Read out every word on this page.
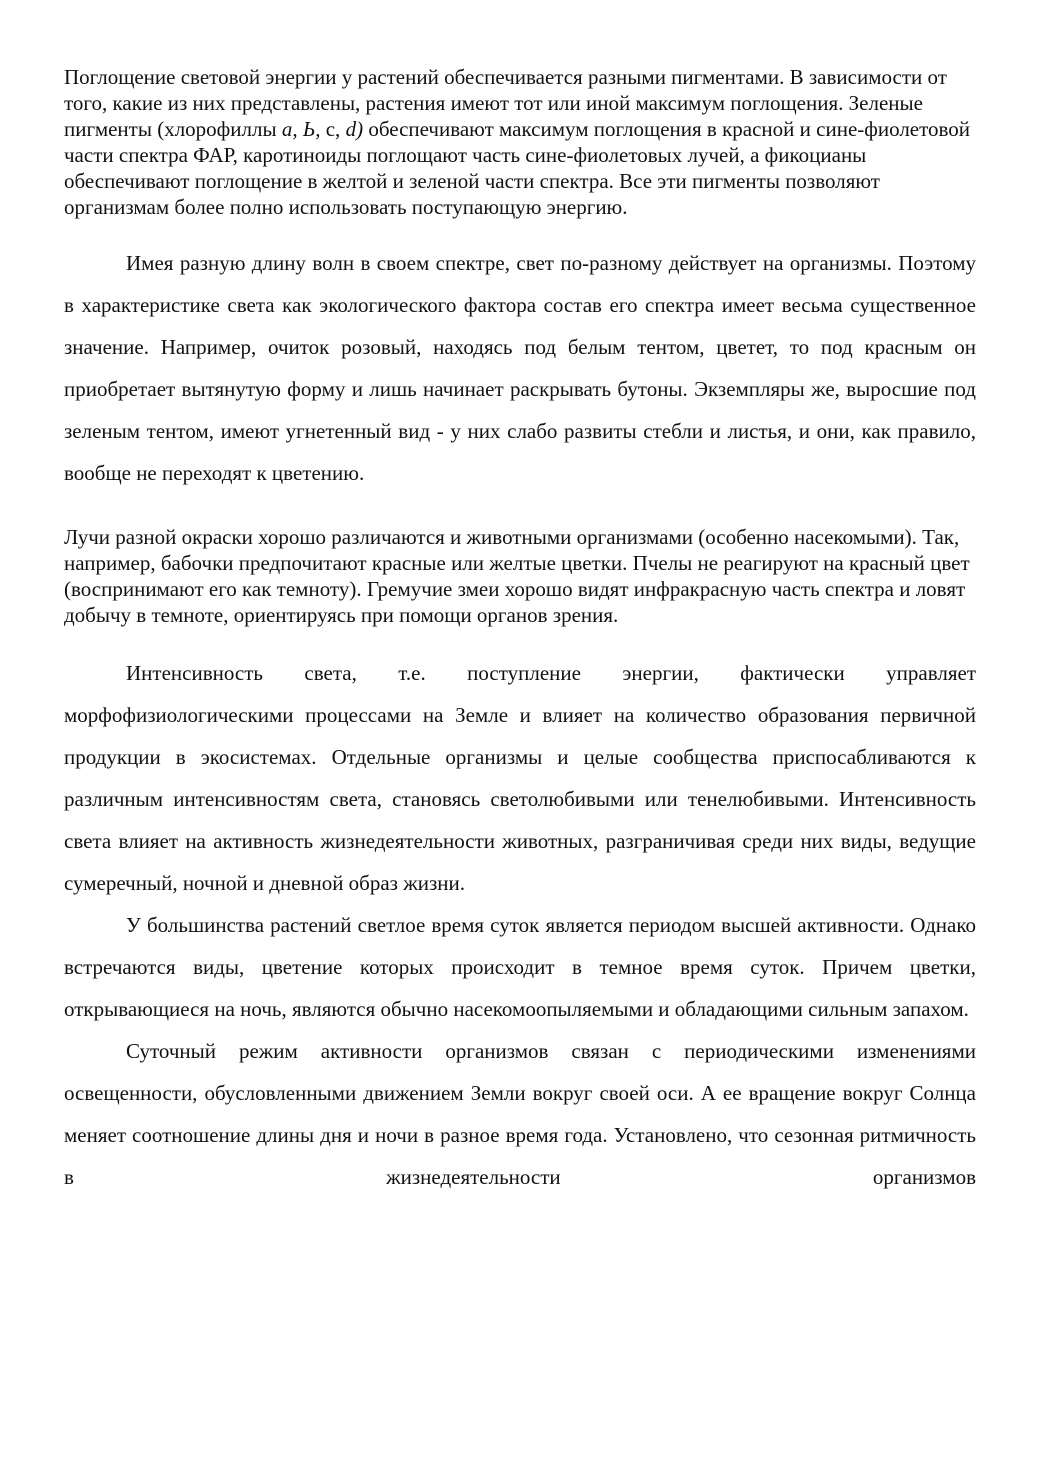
Поглощение световой энергии у растений обеспечивается разными пигментами. В зависимости от того, какие из них представлены, растения имеют тот или иной максимум поглощения. Зеленые пигменты (хлорофиллы а, Ь, с, d) обеспечивают максимум поглощения в красной и сине-фиолетовой части спектра ФАР, каротиноиды поглощают часть сине-фиолетовых лучей, а фикоцианы обеспечивают поглощение в желтой и зеленой части спектра. Все эти пигменты позволяют организмам более полно использовать поступающую энергию.

Имея разную длину волн в своем спектре, свет по-разному действует на организмы. Поэтому в характеристике света как экологического фактора состав его спектра имеет весьма существенное значение. Например, очиток розовый, находясь под белым тентом, цветет, то под красным он приобретает вытянутую форму и лишь начинает раскрывать бутоны. Экземпляры же, выросшие под зеленым тентом, имеют угнетенный вид - у них слабо развиты стебли и листья, и они, как правило, вообще не переходят к цветению.

Лучи разной окраски хорошо различаются и животными организмами (особенно насекомыми). Так, например, бабочки предпочитают красные или желтые цветки. Пчелы не реагируют на красный цвет (воспринимают его как темноту). Гремучие змеи хорошо видят инфракрасную часть спектра и ловят добычу в темноте, ориентируясь при помощи органов зрения.

Интенсивность света, т.е. поступление энергии, фактически управляет морфофизиологическими процессами на Земле и влияет на количество образования первичной продукции в экосистемах. Отдельные организмы и целые сообщества приспосабливаются к различным интенсивностям света, становясь светолюбивыми или тенелюбивыми. Интенсивность света влияет на активность жизнедеятельности животных, разграничивая среди них виды, ведущие сумеречный, ночной и дневной образ жизни.

У большинства растений светлое время суток является периодом высшей активности. Однако встречаются виды, цветение которых происходит в темное время суток. Причем цветки, открывающиеся на ночь, являются обычно насекомоопыляемыми и обладающими сильным запахом.

Суточный режим активности организмов связан с периодическими изменениями освещенности, обусловленными движением Земли вокруг своей оси. А ее вращение вокруг Солнца меняет соотношение длины дня и ночи в разное время года. Установлено, что сезонная ритмичность в жизнедеятельности организмов
